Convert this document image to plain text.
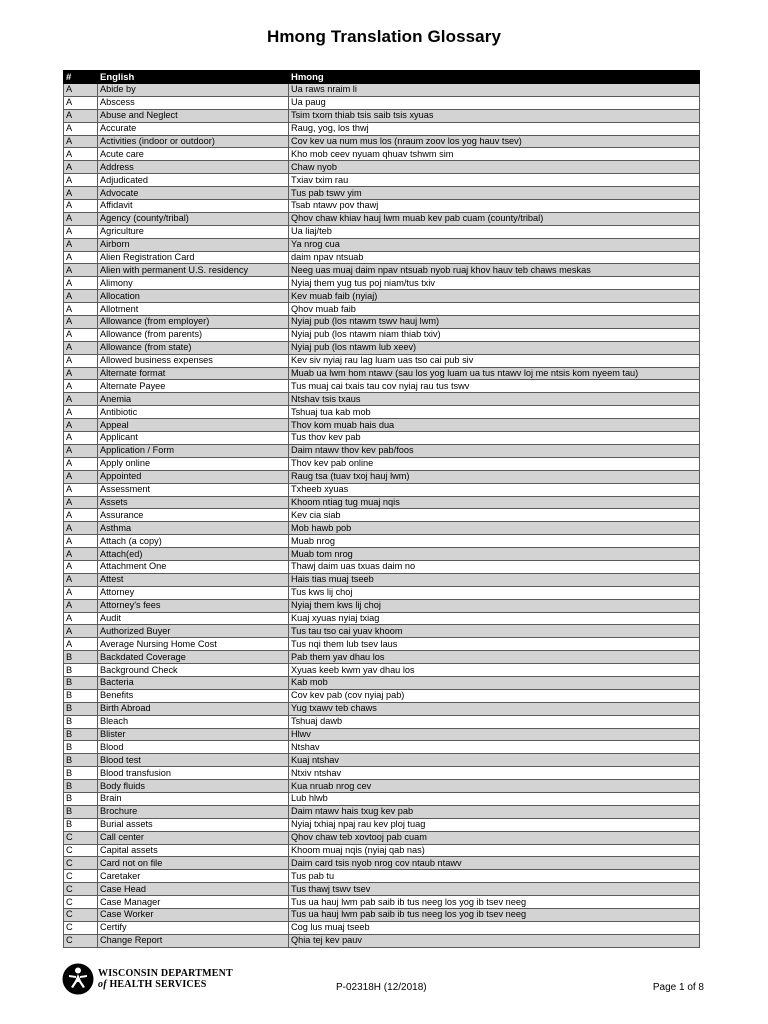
Hmong Translation Glossary
#	English	Hmong
A	Abide by	Ua raws nraim li
A	Abscess	Ua paug
A	Abuse and Neglect	Tsim txom thiab tsis saib tsis xyuas
A	Accurate	Raug, yog, los thwj
A	Activities (indoor or outdoor)	Cov kev ua num mus los (nraum zoov los yog hauv tsev)
A	Acute care	Kho mob ceev nyuam qhuav tshwm sim
A	Address	Chaw nyob
A	Adjudicated	Txiav txim rau
A	Advocate	Tus pab tswv yim
A	Affidavit	Tsab ntawv pov thawj
A	Agency (county/tribal)	Qhov chaw khiav hauj lwm muab kev pab cuam (county/tribal)
A	Agriculture	Ua liaj/teb
A	Airborn	Ya nrog cua
A	Alien Registration Card	daim npav ntsuab
A	Alien with permanent U.S. residency	Neeg uas muaj daim npav ntsuab nyob ruaj khov hauv teb chaws meskas
A	Alimony	Nyiaj them yug tus poj niam/tus txiv
A	Allocation	Kev muab faib (nyiaj)
A	Allotment	Qhov muab faib
A	Allowance (from employer)	Nyiaj pub (los ntawm tswv hauj lwm)
A	Allowance (from parents)	Nyiaj pub (los ntawm niam thiab txiv)
A	Allowance (from state)	Nyiaj pub (los ntawm lub xeev)
A	Allowed business expenses	Kev siv nyiaj rau lag luam uas tso cai pub siv
A	Alternate format	Muab ua lwm hom ntawv (sau los yog luam ua tus ntawv loj me ntsis kom nyeem tau)
A	Alternate Payee	Tus muaj cai txais tau cov nyiaj rau tus tswv
A	Anemia	Ntshav tsis txaus
A	Antibiotic	Tshuaj tua kab mob
A	Appeal	Thov kom muab hais dua
A	Applicant	Tus thov kev pab
A	Application / Form	Daim ntawv thov kev pab/foos
A	Apply online	Thov kev pab online
A	Appointed	Raug tsa (tuav txoj hauj lwm)
A	Assessment	Txheeb xyuas
A	Assets	Khoom ntiag tug muaj nqis
A	Assurance	Kev cia siab
A	Asthma	Mob hawb pob
A	Attach (a copy)	Muab nrog
A	Attach(ed)	Muab tom nrog
A	Attachment One	Thawj daim uas txuas daim no
A	Attest	Hais tias muaj tseeb
A	Attorney	Tus kws lij choj
A	Attorney's fees	Nyiaj them kws lij choj
A	Audit	Kuaj xyuas nyiaj txiag
A	Authorized Buyer	Tus tau tso cai yuav khoom
A	Average Nursing Home Cost	Tus nqi them lub tsev laus
B	Backdated Coverage	Pab them yav dhau los
B	Background Check	Xyuas keeb kwm yav dhau los
B	Bacteria	Kab mob
B	Benefits	Cov kev pab (cov nyiaj pab)
B	Birth Abroad	Yug txawv teb chaws
B	Bleach	Tshuaj dawb
B	Blister	Hlwv
B	Blood	Ntshav
B	Blood test	Kuaj ntshav
B	Blood transfusion	Ntxiv ntshav
B	Body fluids	Kua nruab nrog cev
B	Brain	Lub hlwb
B	Brochure	Daim ntawv hais txug kev pab
B	Burial assets	Nyiaj txhiaj npaj rau kev ploj tuag
C	Call center	Qhov chaw teb xovtooj pab cuam
C	Capital assets	Khoom muaj nqis (nyiaj qab nas)
C	Card not on file	Daim card tsis nyob nrog cov ntaub ntawv
C	Caretaker	Tus pab tu
C	Case Head	Tus thawj tswv tsev
C	Case Manager	Tus ua hauj lwm pab saib ib tus neeg los yog ib tsev neeg
C	Case Worker	Tus ua hauj lwm pab saib ib tus neeg los yog ib tsev neeg
C	Certify	Cog lus muaj tseeb
C	Change Report	Qhia tej kev pauv
WISCONSIN DEPARTMENT
of HEALTH SERVICES	P-02318H (12/2018)	Page 1 of 8
